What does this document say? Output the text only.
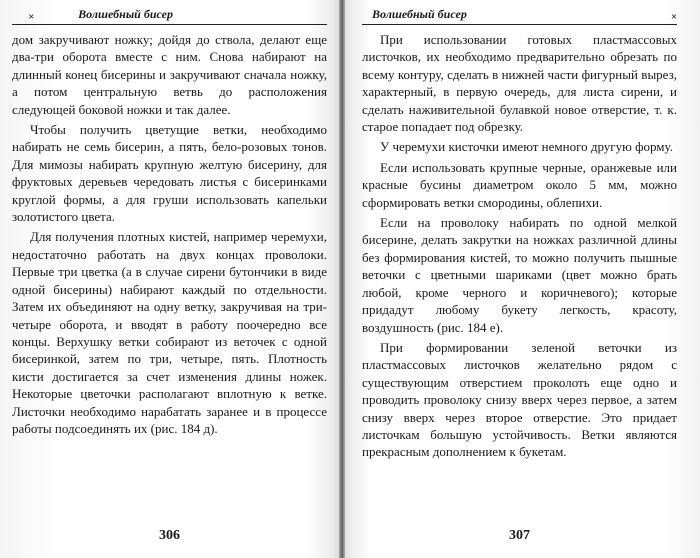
×	Волшебный бисер

дом закручивают ножку; дойдя до ствола, делают еще два-три оборота вместе с ним. Снова набирают на длинный конец бисерины и закручивают сначала ножку, а потом центральную ветвь до расположения следующей боковой ножки и так далее.

Чтобы получить цветущие ветки, необходимо набирать не семь бисерин, а пять, бело-розовых тонов. Для мимозы набирать крупную желтую бисерину, для фруктовых деревьев чередовать листья с бисеринками круглой формы, а для груши использовать капельки золотистого цвета.

Для получения плотных кистей, например черемухи, недостаточно работать на двух концах проволоки. Первые три цветка (а в случае сирени бутончики в виде одной бисерины) набирают каждый по отдельности. Затем их объединяют на одну ветку, закручивая на три-четыре оборота, и вводят в работу поочередно все концы. Верхушку ветки собирают из веточек с одной бисеринкой, затем по три, четыре, пять. Плотность кисти достигается за счет изменения длины ножек. Некоторые цветочки располагают вплотную к ветке. Листочки необходимо нарабатать заранее и в процессе работы подсоединять их (рис. 184 д).

306
Волшебный бисер	×

При использовании готовых пластмассовых листочков, их необходимо предварительно обрезать по всему контуру, сделать в нижней части фигурный вырез, характерный, в первую очередь, для листа сирени, и сделать наживительной булавкой новое отверстие, т. к. старое попадает под обрезку.

У черемухи кисточки имеют немного другую форму.

Если использовать крупные черные, оранжевые или красные бусины диаметром около 5 мм, можно сформировать ветки смородины, облепихи.

Если на проволоку набирать по одной мелкой бисерине, делать закрутки на ножках различной длины без формирования кистей, то можно получить пышные веточки с цветными шариками (цвет можно брать любой, кроме черного и коричневого); которые придадут любому букету легкость, красоту, воздушность (рис. 184 е).

При формировании зеленой веточки из пластмассовых листочков желательно рядом с существующим отверстием проколоть еще одно и проводить проволоку снизу вверх через первое, а затем снизу вверх через второе отверстие. Это придает листочкам большую устойчивость. Ветки являются прекрасным дополнением к букетам.

307
